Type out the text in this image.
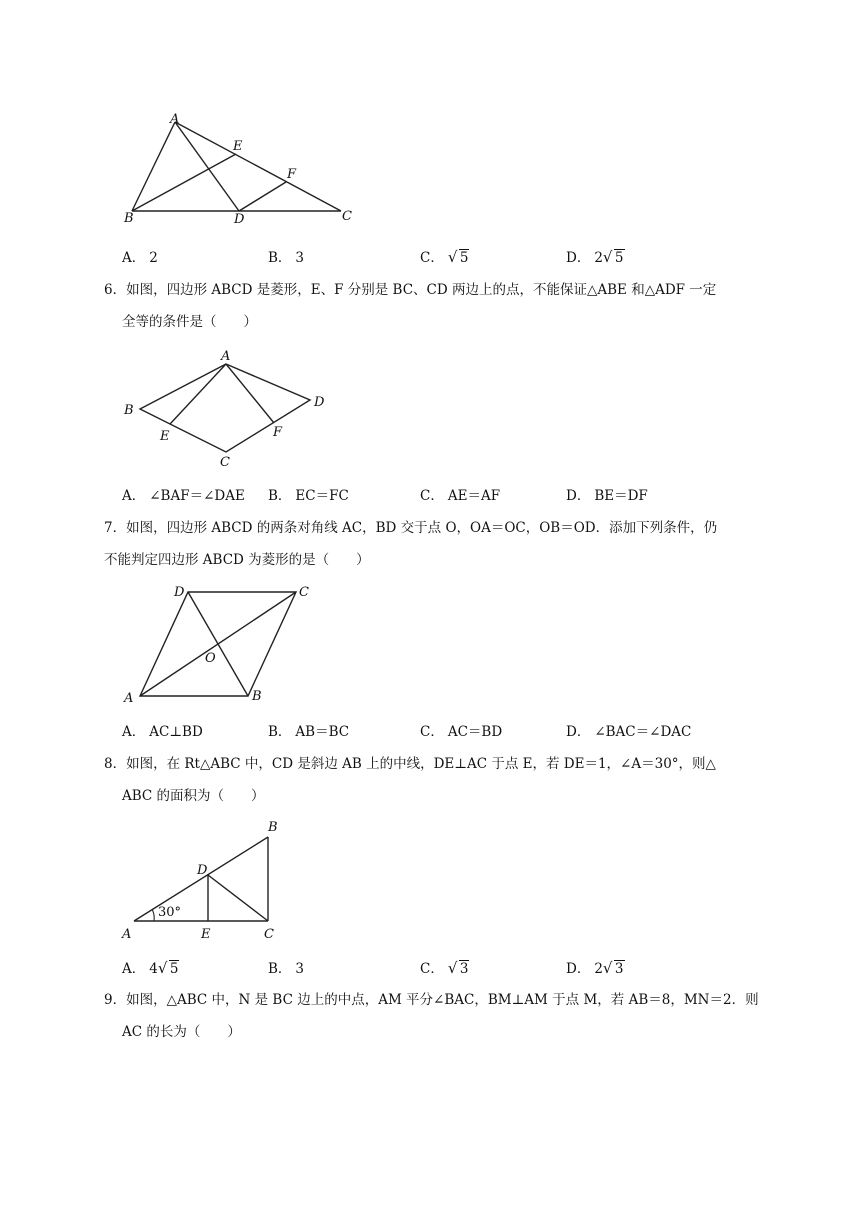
A
B	C
D
E
F
A． 2	B． 3	C． √ 5	D． 2 √ 5
6．如图，四边形 ABCD 是菱形，E、F 分别是 BC、CD 两边上的点，不能保证△ABE 和△ADF 一定
全等的条件是（　　）
A
B
C
D
E	F
A． ∠BAF＝∠DAE B． EC＝FC	C． AE＝AF	D． BE＝DF
7．如图，四边形 ABCD 的两条对角线 AC，BD 交于点 O，OA＝OC，OB＝OD．添加下列条件，仍
不能判定四边形 ABCD 为菱形的是（　　）
D	C
O
A	B
A． AC⊥BD	B． AB＝BC	C． AC＝BD	D． ∠BAC＝∠DAC
8．如图，在 Rt△ABC 中，CD 是斜边 AB 上的中线，DE⊥AC 于点 E，若 DE＝1，∠A＝30°，则△
ABC 的面积为（　　）
30°
B
D
A	E	C
A． 4 √ 5	B． 3	C． √ 3	D． 2 √ 3
9．如图，△ABC 中，N 是 BC 边上的中点，AM 平分∠BAC，BM⊥AM 于点 M，若 AB＝8，MN＝2．则
AC 的长为（　　）
